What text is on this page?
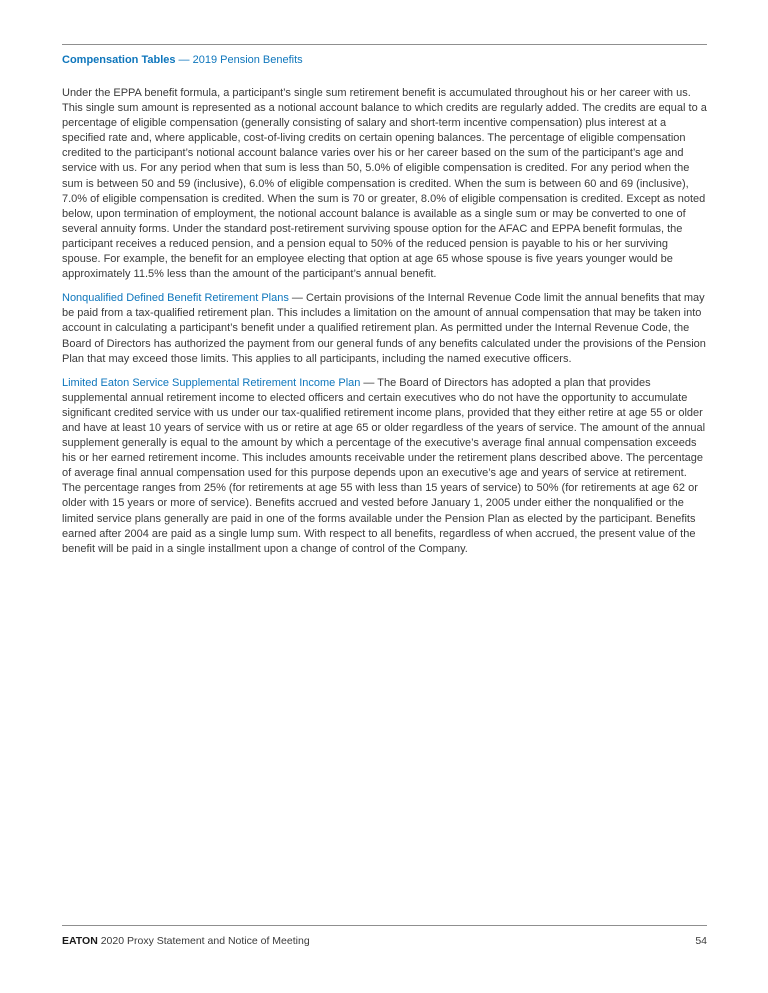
Compensation Tables — 2019 Pension Benefits

Under the EPPA benefit formula, a participant’s single sum retirement benefit is accumulated throughout his or her career with us. This single sum amount is represented as a notional account balance to which credits are regularly added. The credits are equal to a percentage of eligible compensation (generally consisting of salary and short-term incentive compensation) plus interest at a specified rate and, where applicable, cost-of-living credits on certain opening balances. The percentage of eligible compensation credited to the participant’s notional account balance varies over his or her career based on the sum of the participant’s age and service with us. For any period when that sum is less than 50, 5.0% of eligible compensation is credited. For any period when the sum is between 50 and 59 (inclusive), 6.0% of eligible compensation is credited. When the sum is between 60 and 69 (inclusive), 7.0% of eligible compensation is credited. When the sum is 70 or greater, 8.0% of eligible compensation is credited. Except as noted below, upon termination of employment, the notional account balance is available as a single sum or may be converted to one of several annuity forms. Under the standard post-retirement surviving spouse option for the AFAC and EPPA benefit formulas, the participant receives a reduced pension, and a pension equal to 50% of the reduced pension is payable to his or her surviving spouse. For example, the benefit for an employee electing that option at age 65 whose spouse is five years younger would be approximately 11.5% less than the amount of the participant’s annual benefit.

Nonqualified Defined Benefit Retirement Plans — Certain provisions of the Internal Revenue Code limit the annual benefits that may be paid from a tax-qualified retirement plan. This includes a limitation on the amount of annual compensation that may be taken into account in calculating a participant’s benefit under a qualified retirement plan. As permitted under the Internal Revenue Code, the Board of Directors has authorized the payment from our general funds of any benefits calculated under the provisions of the Pension Plan that may exceed those limits. This applies to all participants, including the named executive officers.

Limited Eaton Service Supplemental Retirement Income Plan — The Board of Directors has adopted a plan that provides supplemental annual retirement income to elected officers and certain executives who do not have the opportunity to accumulate significant credited service with us under our tax-qualified retirement income plans, provided that they either retire at age 55 or older and have at least 10 years of service with us or retire at age 65 or older regardless of the years of service. The amount of the annual supplement generally is equal to the amount by which a percentage of the executive’s average final annual compensation exceeds his or her earned retirement income. This includes amounts receivable under the retirement plans described above. The percentage of average final annual compensation used for this purpose depends upon an executive’s age and years of service at retirement. The percentage ranges from 25% (for retirements at age 55 with less than 15 years of service) to 50% (for retirements at age 62 or older with 15 years or more of service). Benefits accrued and vested before January 1, 2005 under either the nonqualified or the limited service plans generally are paid in one of the forms available under the Pension Plan as elected by the participant. Benefits earned after 2004 are paid as a single lump sum. With respect to all benefits, regardless of when accrued, the present value of the benefit will be paid in a single installment upon a change of control of the Company.

EATON 2020 Proxy Statement and Notice of Meeting	54
